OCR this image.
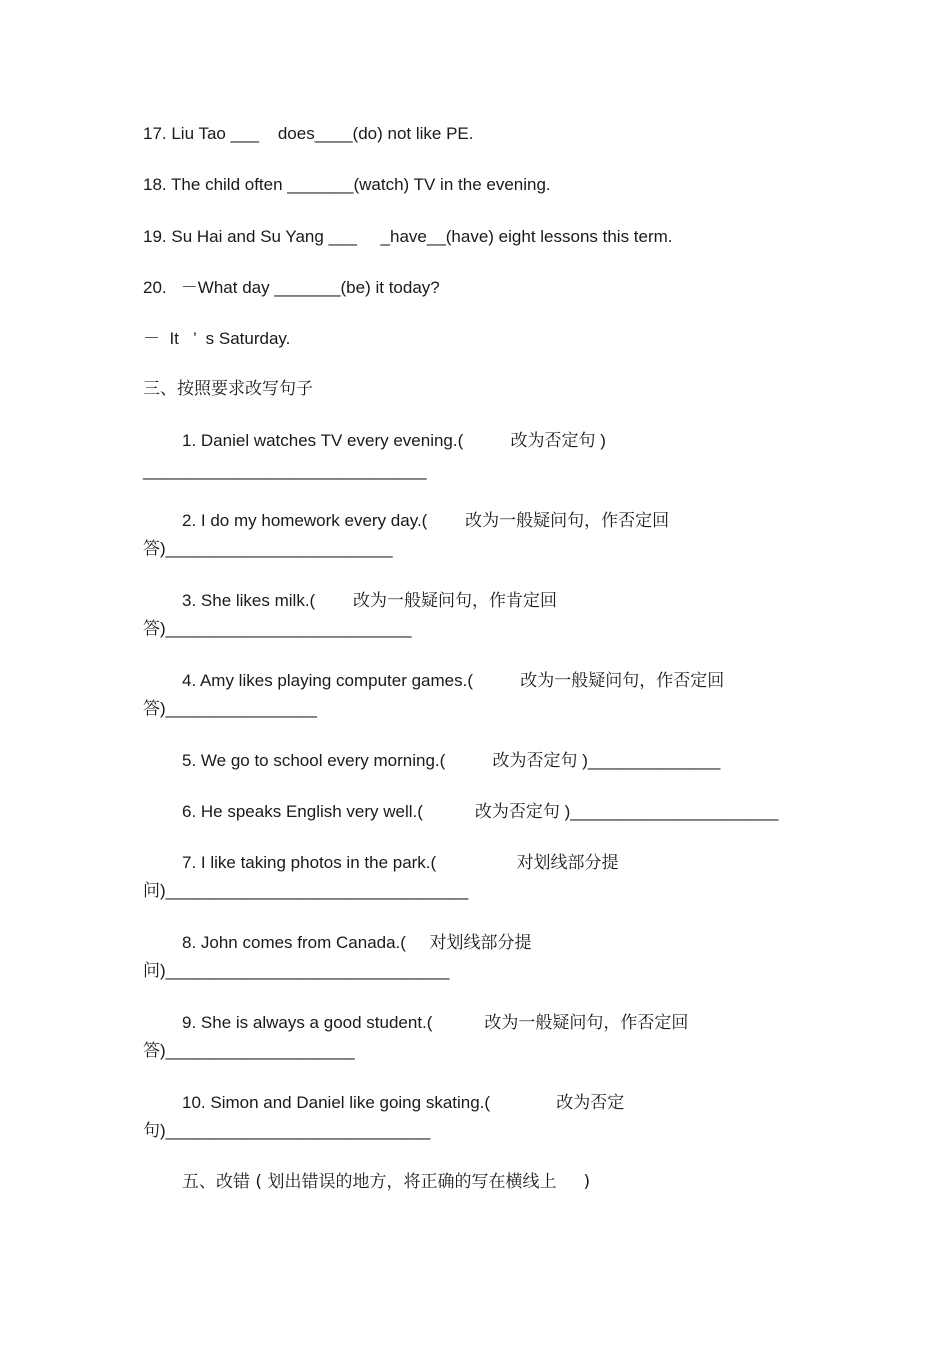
17. Liu Tao ___    does____(do) not like PE.
18. The child often _______(watch) TV in the evening.
19. Su Hai and Su Yang ___     _have__(have) eight lessons this term.
20.   －What day _______(be) it today?
－  It   ’  s Saturday.
三、按照要求改写句子
1. Daniel watches TV every evening.(          改为否定句 )
______________________________
2. I do my homework every day.(        改为一般疑问句，作否定回
答)________________________
3. She likes milk.(        改为一般疑问句，作肯定回
答)__________________________
4. Amy likes playing computer games.(          改为一般疑问句，作否定回
答)________________
5. We go to school every morning.(          改为否定句 )______________
6. He speaks English very well.(           改为否定句 )______________________
7. I like taking photos in the park.(                 对划线部分提
问)________________________________
8. John comes from Canada.(     对划线部分提
问)______________________________
9. She is always a good student.(           改为一般疑问句，作否定回
答)____________________
10. Simon and Daniel like going skating.(              改为否定
句)____________________________
五、改错 ( 划出错误的地方，将正确的写在横线上     )
